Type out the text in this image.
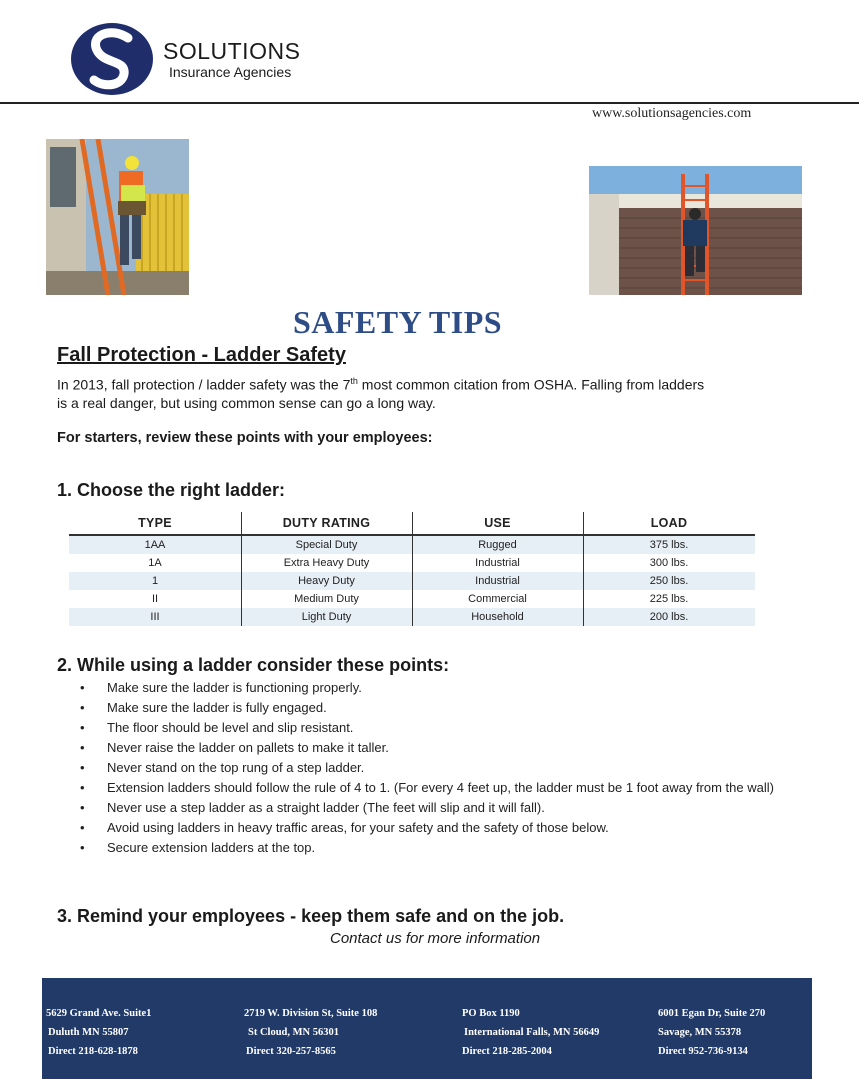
SOLUTIONS
Insurance Agencies
www.solutionsagencies.com
SAFETY TIPS
Fall Protection - Ladder Safety
In 2013, fall protection / ladder safety was the 7th most common citation from OSHA. Falling from ladders is a real danger, but using common sense can go a long way.
For starters, review these points with your employees:
1. Choose the right ladder:
TYPE	DUTY RATING	USE	LOAD
1AA	Special Duty	Rugged	375 lbs.
1A	Extra Heavy Duty	Industrial	300 lbs.
1	Heavy Duty	Industrial	250 lbs.
II	Medium Duty	Commercial	225 lbs.
III	Light Duty	Household	200 lbs.
2. While using a ladder consider these points:
• Make sure the ladder is functioning properly.
• Make sure the ladder is fully engaged.
• The floor should be level and slip resistant.
• Never raise the ladder on pallets to make it taller.
• Never stand on the top rung of a step ladder.
• Extension ladders should follow the rule of 4 to 1. (For every 4 feet up, the ladder must be 1 foot away from the wall)
• Never use a step ladder as a straight ladder (The feet will slip and it will fall).
• Avoid using ladders in heavy traffic areas, for your safety and the safety of those below.
• Secure extension ladders at the top.
3. Remind your employees - keep them safe and on the job.
Contact us for more information
5629 Grand Ave. Suite1
Duluth MN 55807
Direct 218-628-1878
2719 W. Division St, Suite 108
St Cloud, MN 56301
Direct 320-257-8565
PO Box 1190
International Falls, MN 56649
Direct 218-285-2004
6001 Egan Dr, Suite 270
Savage, MN 55378
Direct 952-736-9134
